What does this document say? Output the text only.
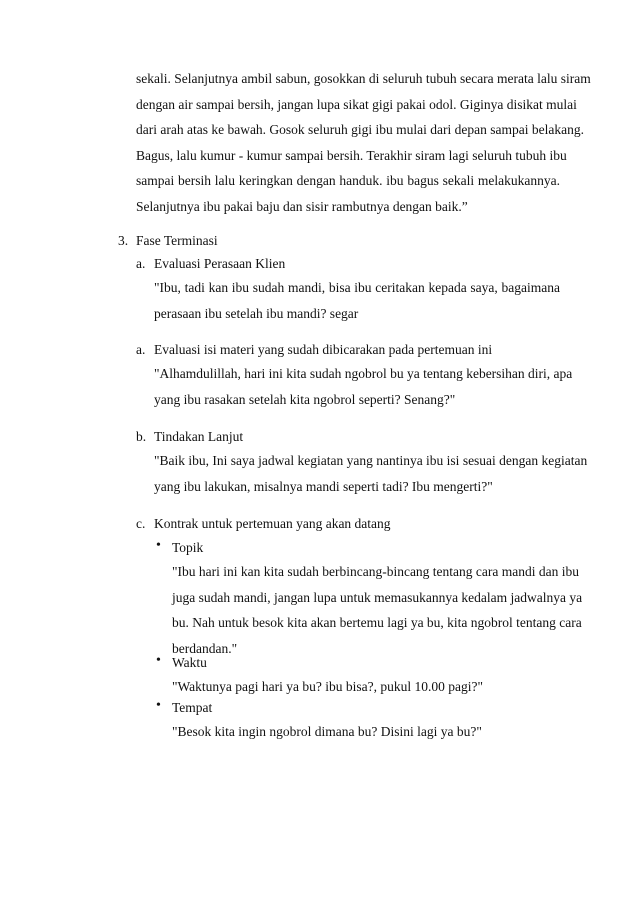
sekali. Selanjutnya ambil sabun, gosokkan di seluruh tubuh secara merata lalu siram
dengan air sampai bersih, jangan lupa sikat gigi pakai odol. Giginya disikat mulai
dari arah atas ke bawah. Gosok seluruh gigi ibu mulai dari depan sampai belakang.
Bagus, lalu kumur - kumur sampai bersih. Terakhir siram lagi seluruh tubuh ibu
sampai bersih lalu keringkan dengan handuk. ibu bagus sekali melakukannya.
Selanjutnya ibu pakai baju dan sisir rambutnya dengan baik.”
3. Fase Terminasi
a. Evaluasi Perasaan Klien
"Ibu, tadi kan ibu sudah mandi, bisa ibu ceritakan kepada saya, bagaimana
perasaan ibu setelah ibu mandi? segar
a. Evaluasi isi materi yang sudah dibicarakan pada pertemuan ini
"Alhamdulillah, hari ini kita sudah ngobrol bu ya tentang kebersihan diri, apa
yang ibu rasakan setelah kita ngobrol seperti? Senang?"
b. Tindakan Lanjut
"Baik ibu, Ini saya jadwal kegiatan yang nantinya ibu isi sesuai dengan kegiatan
yang ibu lakukan, misalnya mandi seperti tadi? Ibu mengerti?"
c. Kontrak untuk pertemuan yang akan datang
• Topik
"Ibu hari ini kan kita sudah berbincang-bincang tentang cara mandi dan ibu
juga sudah mandi, jangan lupa untuk memasukannya kedalam jadwalnya ya
bu. Nah untuk besok kita akan bertemu lagi ya bu, kita ngobrol tentang cara
berdandan."
• Waktu
"Waktunya pagi hari ya bu? ibu bisa?, pukul 10.00 pagi?"
• Tempat
"Besok kita ingin ngobrol dimana bu? Disini lagi ya bu?"
